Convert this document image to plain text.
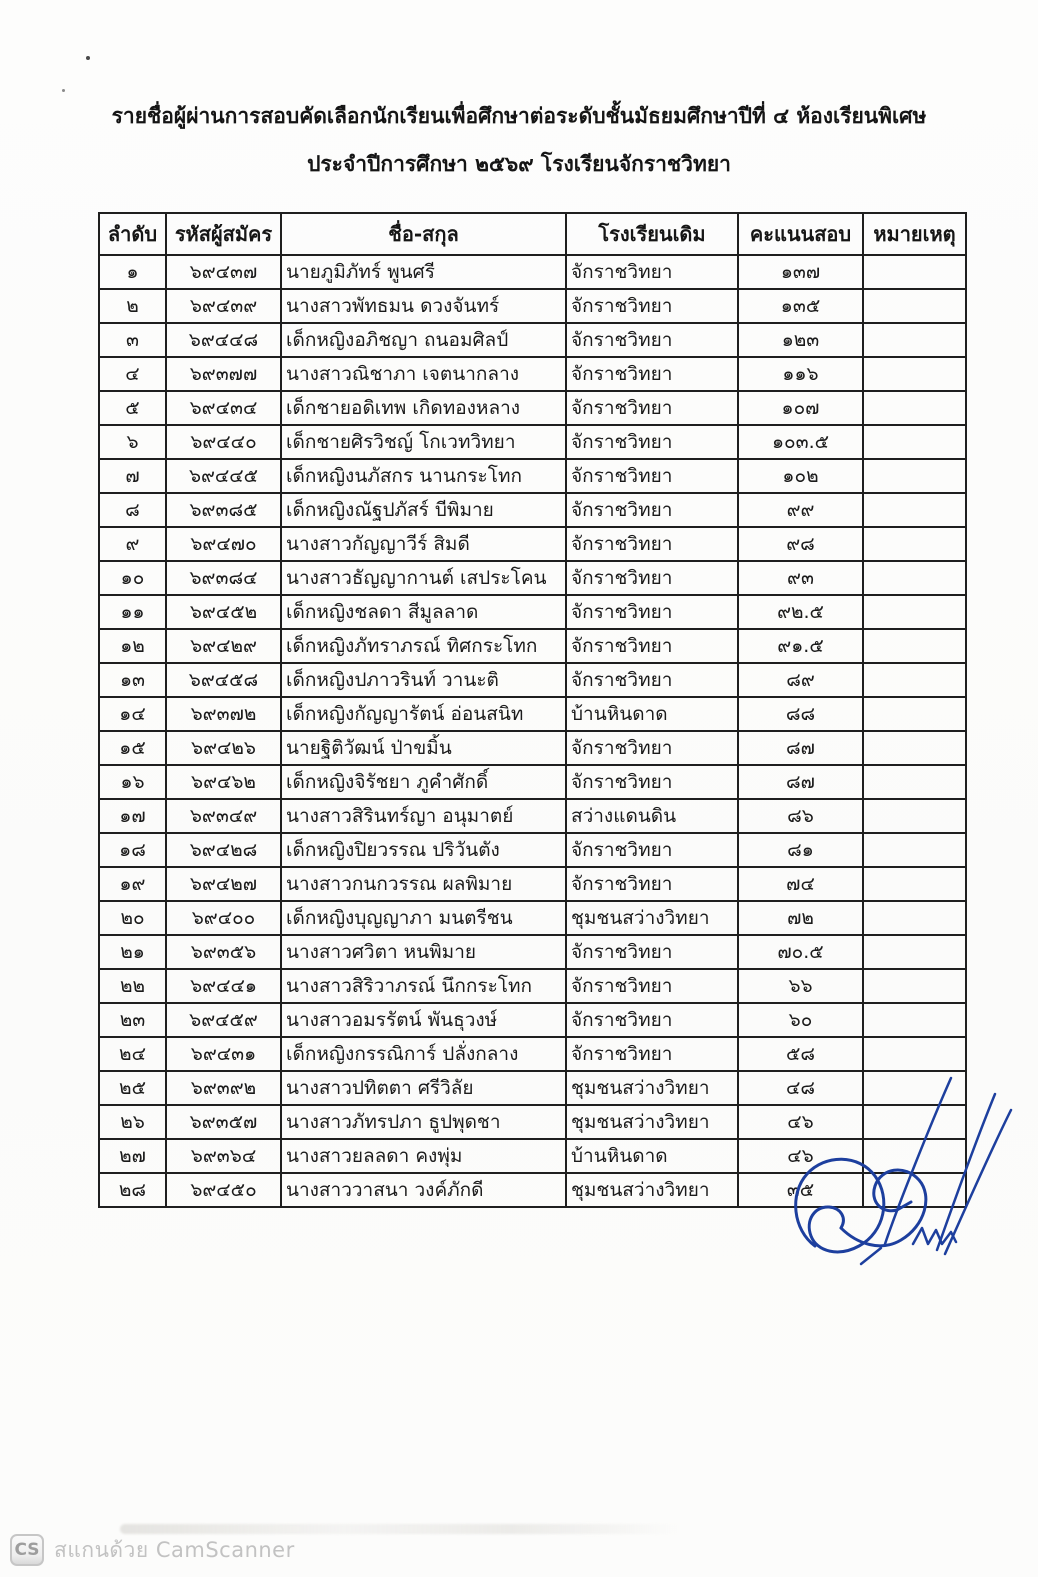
รายชื่อผู้ผ่านการสอบคัดเลือกนักเรียนเพื่อศึกษาต่อระดับชั้นมัธยมศึกษาปีที่ ๔ ห้องเรียนพิเศษ
ประจำปีการศึกษา ๒๕๖๙ โรงเรียนจักราชวิทยา
ลำดับ	รหัสผู้สมัคร	ชื่อ-สกุล	โรงเรียนเดิม	คะแนนสอบ	หมายเหตุ
๑	๖๙๔๓๗	นายภูมิภัทร์ พูนศรี	จักราชวิทยา	๑๓๗	
๒	๖๙๔๓๙	นางสาวพัทธมน ดวงจันทร์	จักราชวิทยา	๑๓๕	
๓	๖๙๔๔๘	เด็กหญิงอภิชญา ถนอมศิลป์	จักราชวิทยา	๑๒๓	
๔	๖๙๓๗๗	นางสาวณิชาภา เจตนากลาง	จักราชวิทยา	๑๑๖	
๕	๖๙๔๓๔	เด็กชายอดิเทพ เกิดทองหลาง	จักราชวิทยา	๑๐๗	
๖	๖๙๔๔๐	เด็กชายศิรวิชญ์ โกเวทวิทยา	จักราชวิทยา	๑๐๓.๕	
๗	๖๙๔๔๕	เด็กหญิงนภัสกร นานกระโทก	จักราชวิทยา	๑๐๒	
๘	๖๙๓๘๕	เด็กหญิงณัฐปภัสร์ บีพิมาย	จักราชวิทยา	๙๙	
๙	๖๙๔๗๐	นางสาวกัญญาวีร์ สิมดี	จักราชวิทยา	๙๘	
๑๐	๖๙๓๘๔	นางสาวธัญญากานต์ เสประโคน	จักราชวิทยา	๙๓	
๑๑	๖๙๔๕๒	เด็กหญิงชลดา สีมูลลาด	จักราชวิทยา	๙๒.๕	
๑๒	๖๙๔๒๙	เด็กหญิงภัทราภรณ์ ทิศกระโทก	จักราชวิทยา	๙๑.๕	
๑๓	๖๙๔๕๘	เด็กหญิงปภาวรินท์ วานะติ	จักราชวิทยา	๘๙	
๑๔	๖๙๓๗๒	เด็กหญิงกัญญารัตน์ อ่อนสนิท	บ้านหินดาด	๘๘	
๑๕	๖๙๔๒๖	นายฐิติวัฒน์ ป่าขมิ้น	จักราชวิทยา	๘๗	
๑๖	๖๙๔๖๒	เด็กหญิงจิรัชยา ภูคำศักดิ์	จักราชวิทยา	๘๗	
๑๗	๖๙๓๔๙	นางสาวสิรินทร์ญา อนุมาตย์	สว่างแดนดิน	๘๖	
๑๘	๖๙๔๒๘	เด็กหญิงปิยวรรณ ปริวันตัง	จักราชวิทยา	๘๑	
๑๙	๖๙๔๒๗	นางสาวกนกวรรณ ผลพิมาย	จักราชวิทยา	๗๔	
๒๐	๖๙๔๐๐	เด็กหญิงบุญญาภา มนตรีชน	ชุมชนสว่างวิทยา	๗๒	
๒๑	๖๙๓๕๖	นางสาวศวิตา หนพิมาย	จักราชวิทยา	๗๐.๕	
๒๒	๖๙๔๔๑	นางสาวสิริวาภรณ์ นึกกระโทก	จักราชวิทยา	๖๖	
๒๓	๖๙๔๕๙	นางสาวอมรรัตน์ พันธุวงษ์	จักราชวิทยา	๖๐	
๒๔	๖๙๔๓๑	เด็กหญิงกรรณิการ์ ปลั่งกลาง	จักราชวิทยา	๕๘	
๒๕	๖๙๓๙๒	นางสาวปทิตตา ศรีวิลัย	ชุมชนสว่างวิทยา	๔๘	
๒๖	๖๙๓๕๗	นางสาวภัทรปภา ธูปพุดชา	ชุมชนสว่างวิทยา	๔๖	
๒๗	๖๙๓๖๔	นางสาวยลลดา คงพุ่ม	บ้านหินดาด	๔๖	
๒๘	๖๙๔๕๐	นางสาววาสนา วงค์ภักดี	ชุมชนสว่างวิทยา	๓๕	
CS สแกนด้วย CamScanner
